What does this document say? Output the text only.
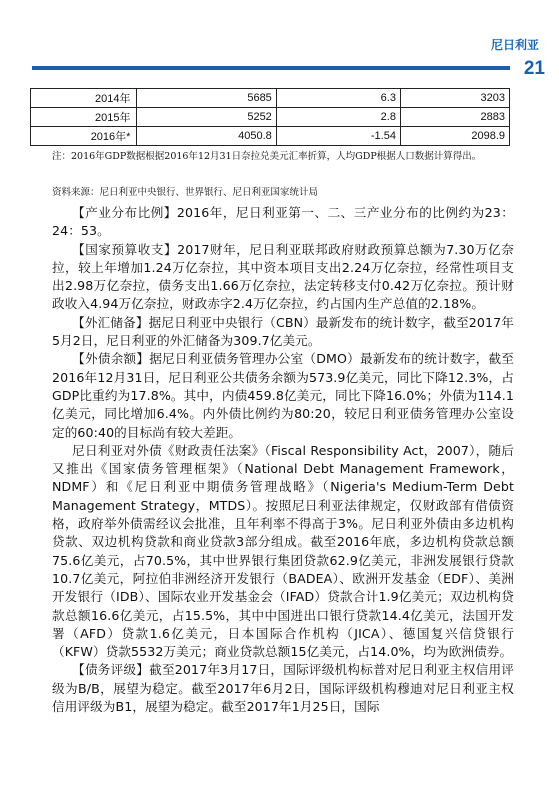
尼日利亚
21
2014年	5685	6.3	3203
2015年	5252	2.8	2883
2016年*	4050.8	-1.54	2098.9
注：2016年GDP数据根据2016年12月31日奈拉兑美元汇率折算，人均GDP根据人口数据计算得出。
资料来源：尼日利亚中央银行、世界银行、尼日利亚国家统计局

【产业分布比例】2016年，尼日利亚第一、二、三产业分布的比例约为23：24：53。

【国家预算收支】2017财年，尼日利亚联邦政府财政预算总额为7.30万亿奈拉，较上年增加1.24万亿奈拉，其中资本项目支出2.24万亿奈拉，经常性项目支出2.98万亿奈拉，债务支出1.66万亿奈拉，法定转移支付0.42万亿奈拉。预计财政收入4.94万亿奈拉，财政赤字2.4万亿奈拉，约占国内生产总值的2.18%。

【外汇储备】据尼日利亚中央银行（CBN）最新发布的统计数字，截至2017年5月2日，尼日利亚的外汇储备为309.7亿美元。

【外债余额】据尼日利亚债务管理办公室（DMO）最新发布的统计数字，截至2016年12月31日，尼日利亚公共债务余额为573.9亿美元，同比下降12.3%，占GDP比重约为17.8%。其中，内债459.8亿美元，同比下降16.0%；外债为114.1亿美元，同比增加6.4%。内外债比例约为80:20，较尼日利亚债务管理办公室设定的60:40的目标尚有较大差距。

尼日利亚对外债《财政责任法案》（Fiscal Responsibility Act，2007），随后又推出《国家债务管理框架》（National Debt Management Framework，NDMF）和《尼日利亚中期债务管理战略》（Nigeria's Medium-Term Debt Management Strategy，MTDS）。按照尼日利亚法律规定，仅财政部有借债资格，政府举外债需经议会批准，且年利率不得高于3%。尼日利亚外债由多边机构贷款、双边机构贷款和商业贷款3部分组成。截至2016年底，多边机构贷款总额75.6亿美元，占70.5%，其中世界银行集团贷款62.9亿美元，非洲发展银行贷款10.7亿美元，阿拉伯非洲经济开发银行（BADEA）、欧洲开发基金（EDF）、美洲开发银行（IDB）、国际农业开发基金会（IFAD）贷款合计1.9亿美元；双边机构贷款总额16.6亿美元，占15.5%，其中中国进出口银行贷款14.4亿美元，法国开发署（AFD）贷款1.6亿美元，日本国际合作机构（JICA）、德国复兴信贷银行（KFW）贷款5532万美元；商业贷款总额15亿美元，占14.0%，均为欧洲债券。

【债务评级】截至2017年3月17日，国际评级机构标普对尼日利亚主权信用评级为B/B，展望为稳定。截至2017年6月2日，国际评级机构穆迪对尼日利亚主权信用评级为B1，展望为稳定。截至2017年1月25日，国际
